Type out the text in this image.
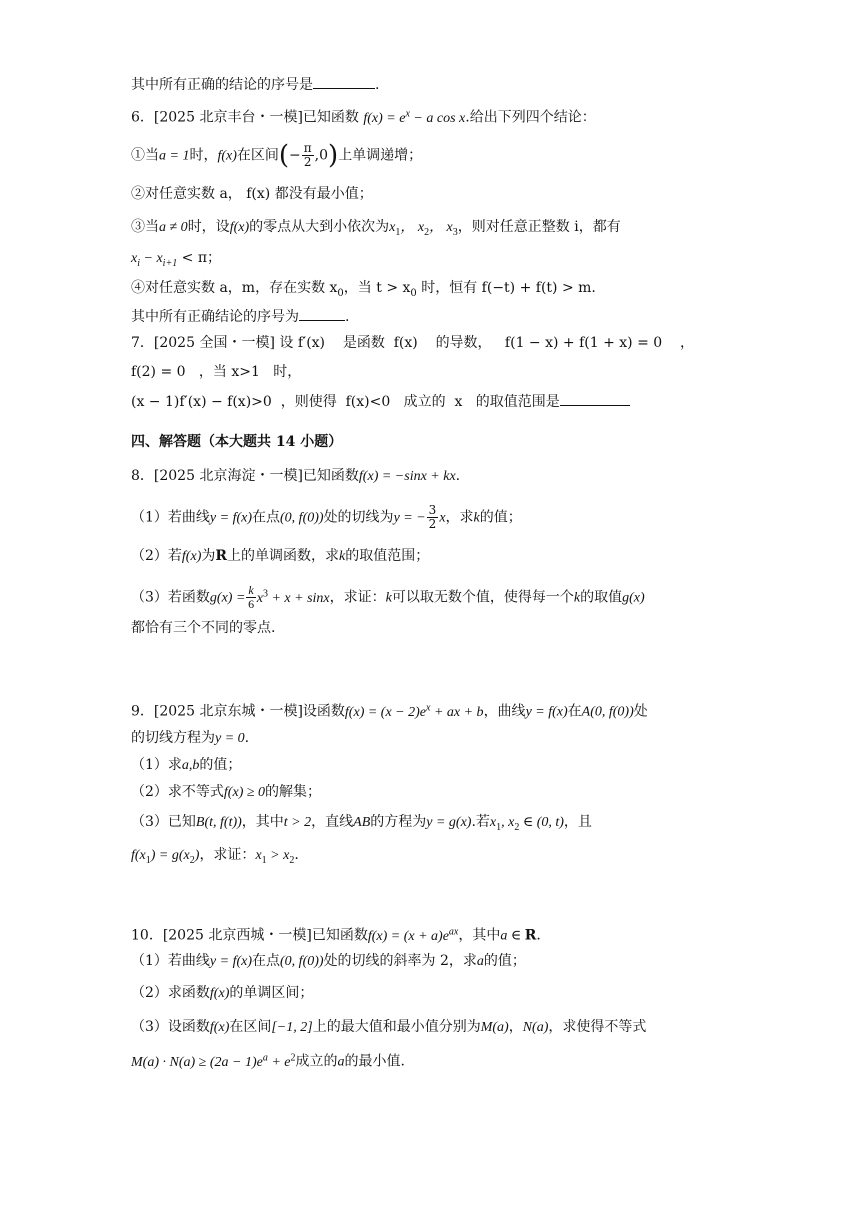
其中所有正确的结论的序号是	.
6．[2025 北京丰台・一模]已知函数 $f(x) = e^x - a$ cos x.给出下列四个结论：
①当a = 1时，f(x)在区间(− $\frac{\pi}{2} ,0$)上单调递增；
②对任意实数 a， f(x) 都没有最小值；
③当a ≠ 0时，设f(x)的零点从大到小依次为$x_1$， $x_2$， $x_3$，则对任意正整数 i，都有
$x_i - x_{i+1} < \pi$；
④对任意实数 a，m，存在实数 $x_0$，当 $t > x_0$ 时，恒有 f(−t) + f(t) > m.
其中所有正确结论的序号为	.
7．[2025 全国・一模] 设 f′(x) 是函数 f(x) 的导数， f(1 − x) + f(1 + x) = 0 ，
f(2) = 0 ，当 x>1 时，
(x − 1)f′(x) − f(x)>0 ，则使得 f(x)<0 成立的 x 的取值范围是
四、解答题（本大题共 14 小题）
8．[2025 北京海淀・一模]已知函数f(x) = −sinx + kx.
（1）若曲线y = f(x)在点(0, f(0))处的切线为y = − $\frac{3}{2}$ x，求k的值；
（2）若f(x)为R上的单调函数，求k的取值范围；
（3）若函数$g(x) = \frac{k}{6} x^3 + x + \sin x$，求证：k可以取无数个值，使得每一个k的取值g(x)
都恰有三个不同的零点.
9．[2025 北京东城・一模]设函数$f(x) = (x - 2)e^x$ + ax + b，曲线y = f(x)在A(0, f(0))处
的切线方程为y = 0.
（1）求a,b的值；
（2）求不等式f(x) ≥ 0的解集；
（3）已知B(t, f(t))，其中t > 2，直线AB的方程为y = g(x).若$x_1$, $x_2$ ∈ (0, t)，且
$f(x_1) = g(x_2)$，求证：$x_1 > x_2$.
10．[2025 北京西城・一模]已知函数$f(x) = (x + a)e^{ax}$，其中a ∈ R.
（1）若曲线y = f(x)在点(0, f(0))处的切线的斜率为 2，求a的值；
（2）求函数f(x)的单调区间；
（3）设函数f(x)在区间[−1, 2]上的最大值和最小值分别为M(a)，N(a)，求使得不等式
$M(a) \cdot N(a) \ge (2a - 1)e^a + e^2$成立的a的最小值.
